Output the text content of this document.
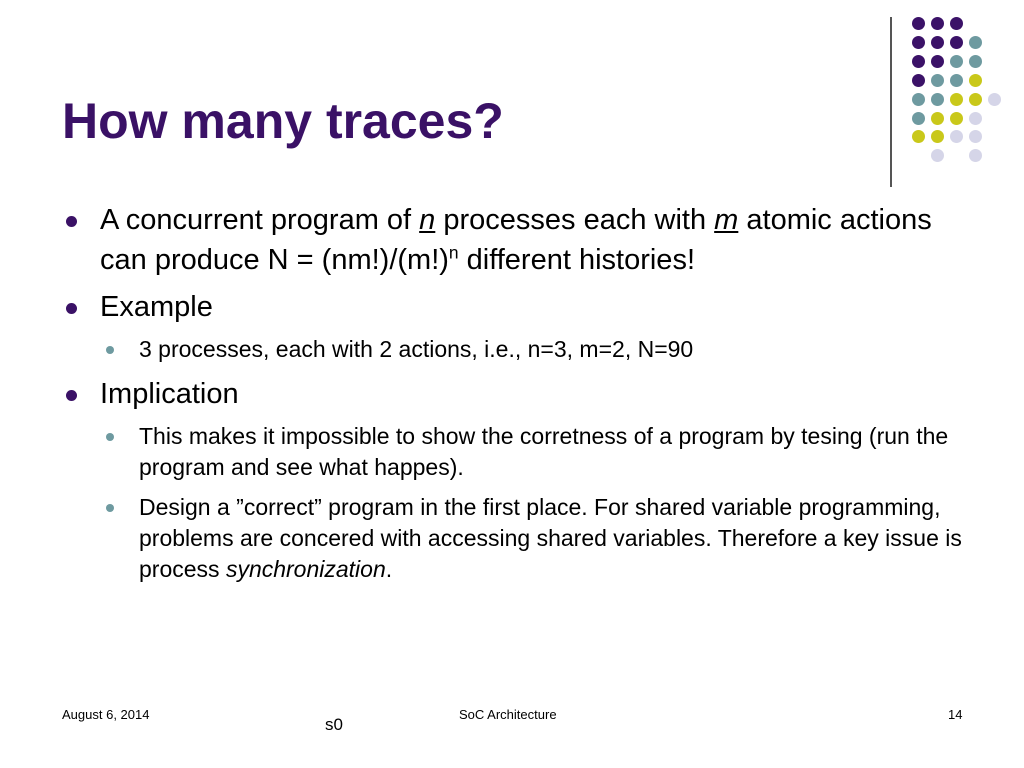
How many traces?
A concurrent program of n processes each with m atomic actions can produce $N = (nm!)/(m!)^n$ different histories!
Example
3 processes, each with 2 actions, i.e., n=3, m=2, N=90
Implication
This makes it impossible to show the corretness of a program by tesing (run the program and see what happes).
Design a ”correct” program in the first place. For shared variable programming, problems are concered with accessing shared variables. Therefore a key issue is process synchronization.
August 6, 2014	SoC Architecture	14
s0
